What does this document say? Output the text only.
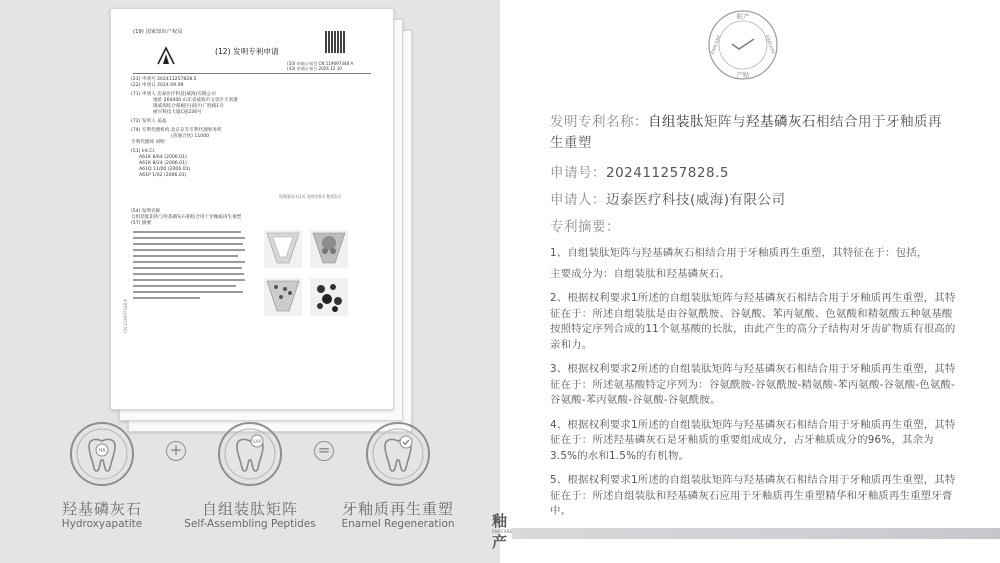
(19) 国家知识产权局
(12) 发明专利申请
(10) 申请公布号 CN 119097348 A
(43) 申请公布日 2024.12.10
(21) 申请号 202411257828.5
(22) 申请日 2024.09.09
(71) 申请人 迈泰医疗科技(威海)有限公司
地址 264400 山东省威海市文登区天米港
镇威海综合保税区(南区)广胜路1号
丽兴科技大厦C座236号
(72) 发明人 姜晶
(74) 专利代理机构 北京京专专利代理事务所
(普通合伙) 11000
专利代理师 刘明
(51) Int.Cl.
A61K 8/64 (2006.01)
A61K 8/24 (2006.01)
A61Q 11/00 (2006.01)
A61P 1/02 (2006.01)
权利要求书1页 说明书5页 附图1页
(54) 发明名称
自组装肽矩阵与羟基磷灰石相结合用于牙釉质再生重塑
(57) 摘要
CN 119097348 A
HA	+	SAP	=
羟基磷灰石
Hydroxyapatite
自组装肽矩阵
Self-Assembling Peptides
牙釉质再生重塑
Enamel Regeneration
贴产
产贴
ENACARE	ENACARE
发明专利名称：自组装肽矩阵与羟基磷灰石相结合用于牙釉质再生重塑
申请号：202411257828.5
申请人：迈泰医疗科技(威海)有限公司
专利摘要：
1、自组装肽矩阵与羟基磷灰石相结合用于牙釉质再生重塑，其特征在于：包括，
主要成分为：自组装肽和羟基磷灰石。
2、根据权利要求1所述的自组装肽矩阵与羟基磷灰石相结合用于牙釉质再生重塑，其特征在于：所述自组装肽是由谷氨酰胺、谷氨酸、苯丙氨酸、色氨酸和精氨酸五种氨基酸按照特定序列合成的11个氨基酸的长肽，由此产生的高分子结构对牙齿矿物质有很高的亲和力。
3、根据权利要求2所述的自组装肽矩阵与羟基磷灰石相结合用于牙釉质再生重塑，其特征在于：所述氨基酸特定序列为：谷氨酰胺-谷氨酰胺-精氨酸-苯丙氨酸-谷氨酸-色氨酸-谷氨酸-苯丙氨酸-谷氨酸-谷氨酰胺。
4、根据权利要求1所述的自组装肽矩阵与羟基磷灰石相结合用于牙釉质再生重塑，其特征在于：所述羟基磷灰石是牙釉质的重要组成成分，占牙釉质成分的96%，其余为3.5%的水和1.5%的有机物。
5、根据权利要求1所述的自组装肽矩阵与羟基磷灰石相结合用于牙釉质再生重塑，其特征在于：所述自组装肽和羟基磷灰石应用于牙釉质再生重塑精华和牙釉质再生重塑牙膏中。
釉
ENACARE
产
